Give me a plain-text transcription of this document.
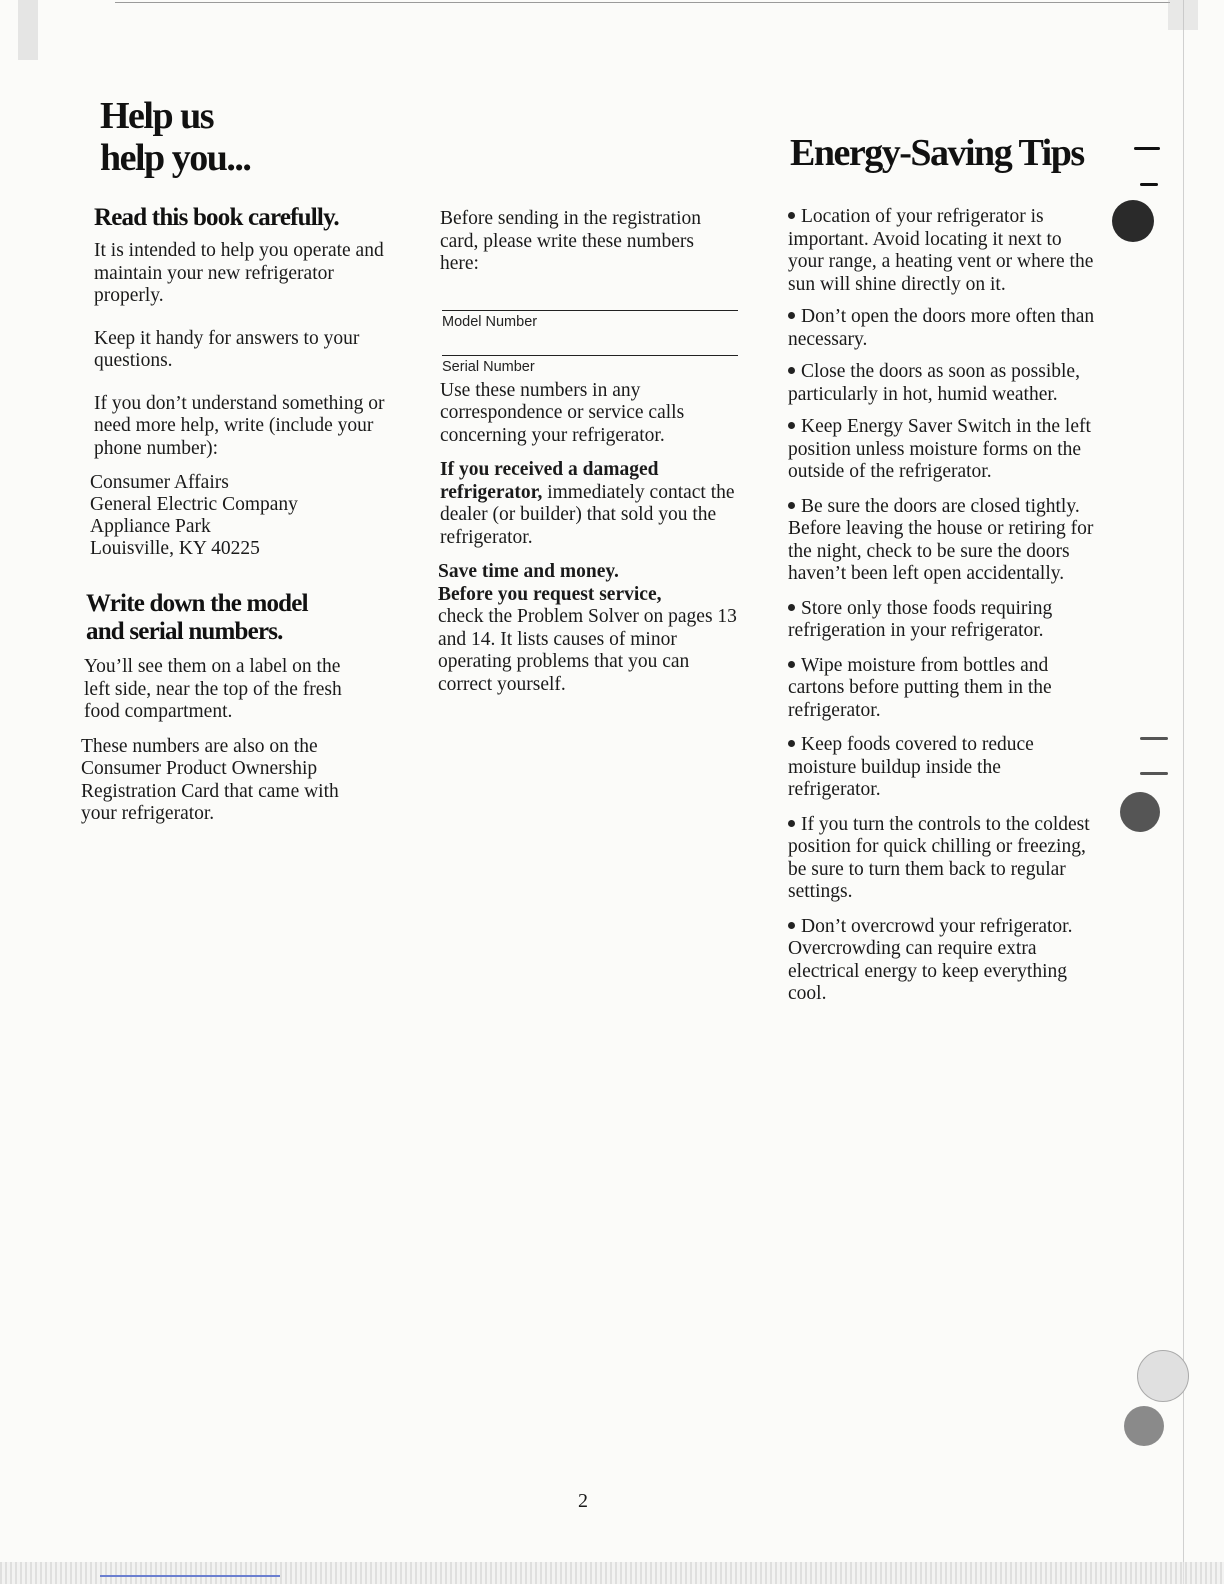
Help us
help you...
Read this book carefully.

It is intended to help you operate and maintain your new refrigerator properly.

Keep it handy for answers to your questions.

If you don’t understand something or need more help, write (include your phone number):

Consumer Affairs
General Electric Company
Appliance Park
Louisville, KY 40225
Write down the model
and serial numbers.

You’ll see them on a label on the left side, near the top of the fresh food compartment.

These numbers are also on the Consumer Product Ownership Registration Card that came with your refrigerator.

Before sending in the registration card, please write these numbers here:

Model Number
Serial Number

Use these numbers in any correspondence or service calls concerning your refrigerator.

If you received a damaged refrigerator, immediately contact the dealer (or builder) that sold you the refrigerator.

Save time and money.
Before you request service,
check the Problem Solver on pages 13 and 14. It lists causes of minor operating problems that you can correct yourself.

Energy-Saving Tips
Location of your refrigerator is important. Avoid locating it next to your range, a heating vent or where the sun will shine directly on it.
Don’t open the doors more often than necessary.
Close the doors as soon as possible, particularly in hot, humid weather.
Keep Energy Saver Switch in the left position unless moisture forms on the outside of the refrigerator.
Be sure the doors are closed tightly. Before leaving the house or retiring for the night, check to be sure the doors haven’t been left open accidentally.
Store only those foods requiring refrigeration in your refrigerator.
Wipe moisture from bottles and cartons before putting them in the refrigerator.
Keep foods covered to reduce moisture buildup inside the refrigerator.
If you turn the controls to the coldest position for quick chilling or freezing, be sure to turn them back to regular settings.
Don’t overcrowd your refrigerator. Overcrowding can require extra electrical energy to keep everything cool.
2
